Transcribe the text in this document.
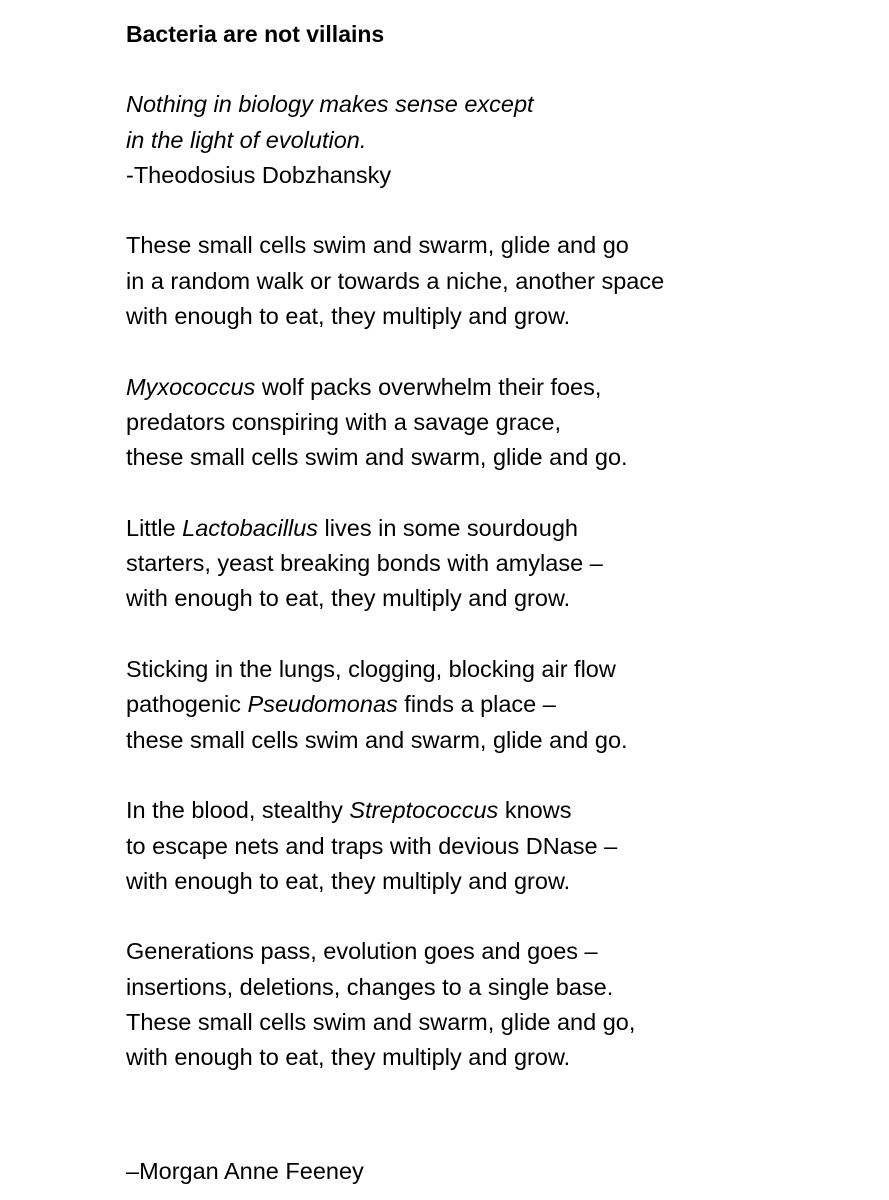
Bacteria are not villains
Nothing in biology makes sense except
in the light of evolution.
-Theodosius Dobzhansky
These small cells swim and swarm, glide and go
in a random walk or towards a niche, another space
with enough to eat, they multiply and grow.
Myxococcus wolf packs overwhelm their foes,
predators conspiring with a savage grace,
these small cells swim and swarm, glide and go.
Little Lactobacillus lives in some sourdough
starters, yeast breaking bonds with amylase –
with enough to eat, they multiply and grow.
Sticking in the lungs, clogging, blocking air flow
pathogenic Pseudomonas finds a place –
these small cells swim and swarm, glide and go.
In the blood, stealthy Streptococcus knows
to escape nets and traps with devious DNase –
with enough to eat, they multiply and grow.
Generations pass, evolution goes and goes –
insertions, deletions, changes to a single base.
These small cells swim and swarm, glide and go,
with enough to eat, they multiply and grow.
–Morgan Anne Feeney
